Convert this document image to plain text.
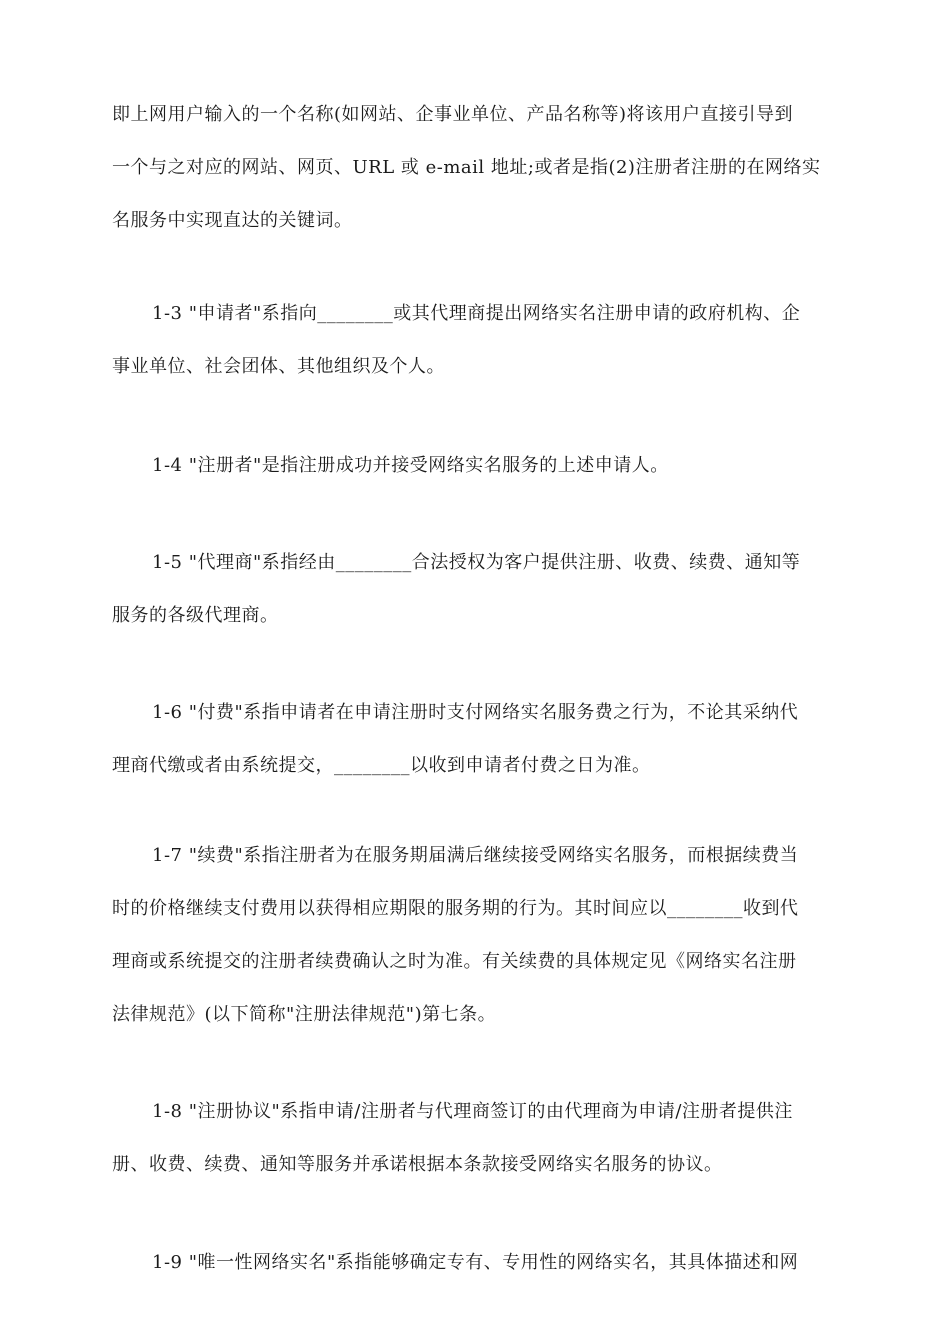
即上网用户输入的一个名称(如网站、企事业单位、产品名称等)将该用户直接引导到
一个与之对应的网站、网页、URL 或 e-mail 地址;或者是指(2)注册者注册的在网络实
名服务中实现直达的关键词。
1-3 "申请者"系指向________或其代理商提出网络实名注册申请的政府机构、企
事业单位、社会团体、其他组织及个人。
1-4 "注册者"是指注册成功并接受网络实名服务的上述申请人。
1-5 "代理商"系指经由________合法授权为客户提供注册、收费、续费、通知等
服务的各级代理商。
1-6 "付费"系指申请者在申请注册时支付网络实名服务费之行为，不论其采纳代
理商代缴或者由系统提交，________以收到申请者付费之日为准。
1-7 "续费"系指注册者为在服务期届满后继续接受网络实名服务，而根据续费当
时的价格继续支付费用以获得相应期限的服务期的行为。其时间应以________收到代
理商或系统提交的注册者续费确认之时为准。有关续费的具体规定见《网络实名注册
法律规范》(以下简称"注册法律规范")第七条。
1-8 "注册协议"系指申请/注册者与代理商签订的由代理商为申请/注册者提供注
册、收费、续费、通知等服务并承诺根据本条款接受网络实名服务的协议。
1-9 "唯一性网络实名"系指能够确定专有、专用性的网络实名，其具体描述和网
